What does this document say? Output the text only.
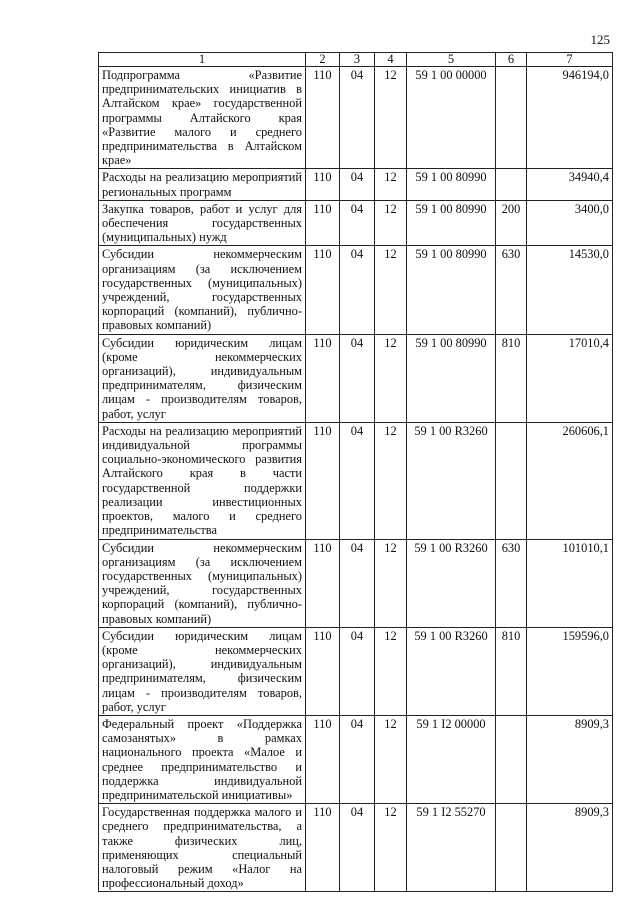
125
1	2	3	4	5	6	7
Подпрограмма «Развитие предпринимательских инициатив в Алтайском крае» государственной программы Алтайского края «Развитие малого и среднего предпринимательства в Алтайском крае»	110	04	12	59 1 00 00000		946194,0
Расходы на реализацию мероприятий региональных программ	110	04	12	59 1 00 80990		34940,4
Закупка товаров, работ и услуг для обеспечения государственных (муниципальных) нужд	110	04	12	59 1 00 80990	200	3400,0
Субсидии некоммерческим организациям (за исключением государственных (муниципальных) учреждений, государственных корпораций (компаний), публично-правовых компаний)	110	04	12	59 1 00 80990	630	14530,0
Субсидии юридическим лицам (кроме некоммерческих организаций), индивидуальным предпринимателям, физическим лицам - производителям товаров, работ, услуг	110	04	12	59 1 00 80990	810	17010,4
Расходы на реализацию мероприятий индивидуальной программы социально-экономического развития Алтайского края в части государственной поддержки реализации инвестиционных проектов, малого и среднего предпринимательства	110	04	12	59 1 00 R3260		260606,1
Субсидии некоммерческим организациям (за исключением государственных (муниципальных) учреждений, государственных корпораций (компаний), публично-правовых компаний)	110	04	12	59 1 00 R3260	630	101010,1
Субсидии юридическим лицам (кроме некоммерческих организаций), индивидуальным предпринимателям, физическим лицам - производителям товаров, работ, услуг	110	04	12	59 1 00 R3260	810	159596,0
Федеральный проект «Поддержка самозанятых» в рамках национального проекта «Малое и среднее предпринимательство и поддержка индивидуальной предпринимательской инициативы»	110	04	12	59 1 I2 00000		8909,3
Государственная поддержка малого и среднего предпринимательства, а также физических лиц, применяющих специальный налоговый режим «Налог на профессиональный доход»	110	04	12	59 1 I2 55270		8909,3
